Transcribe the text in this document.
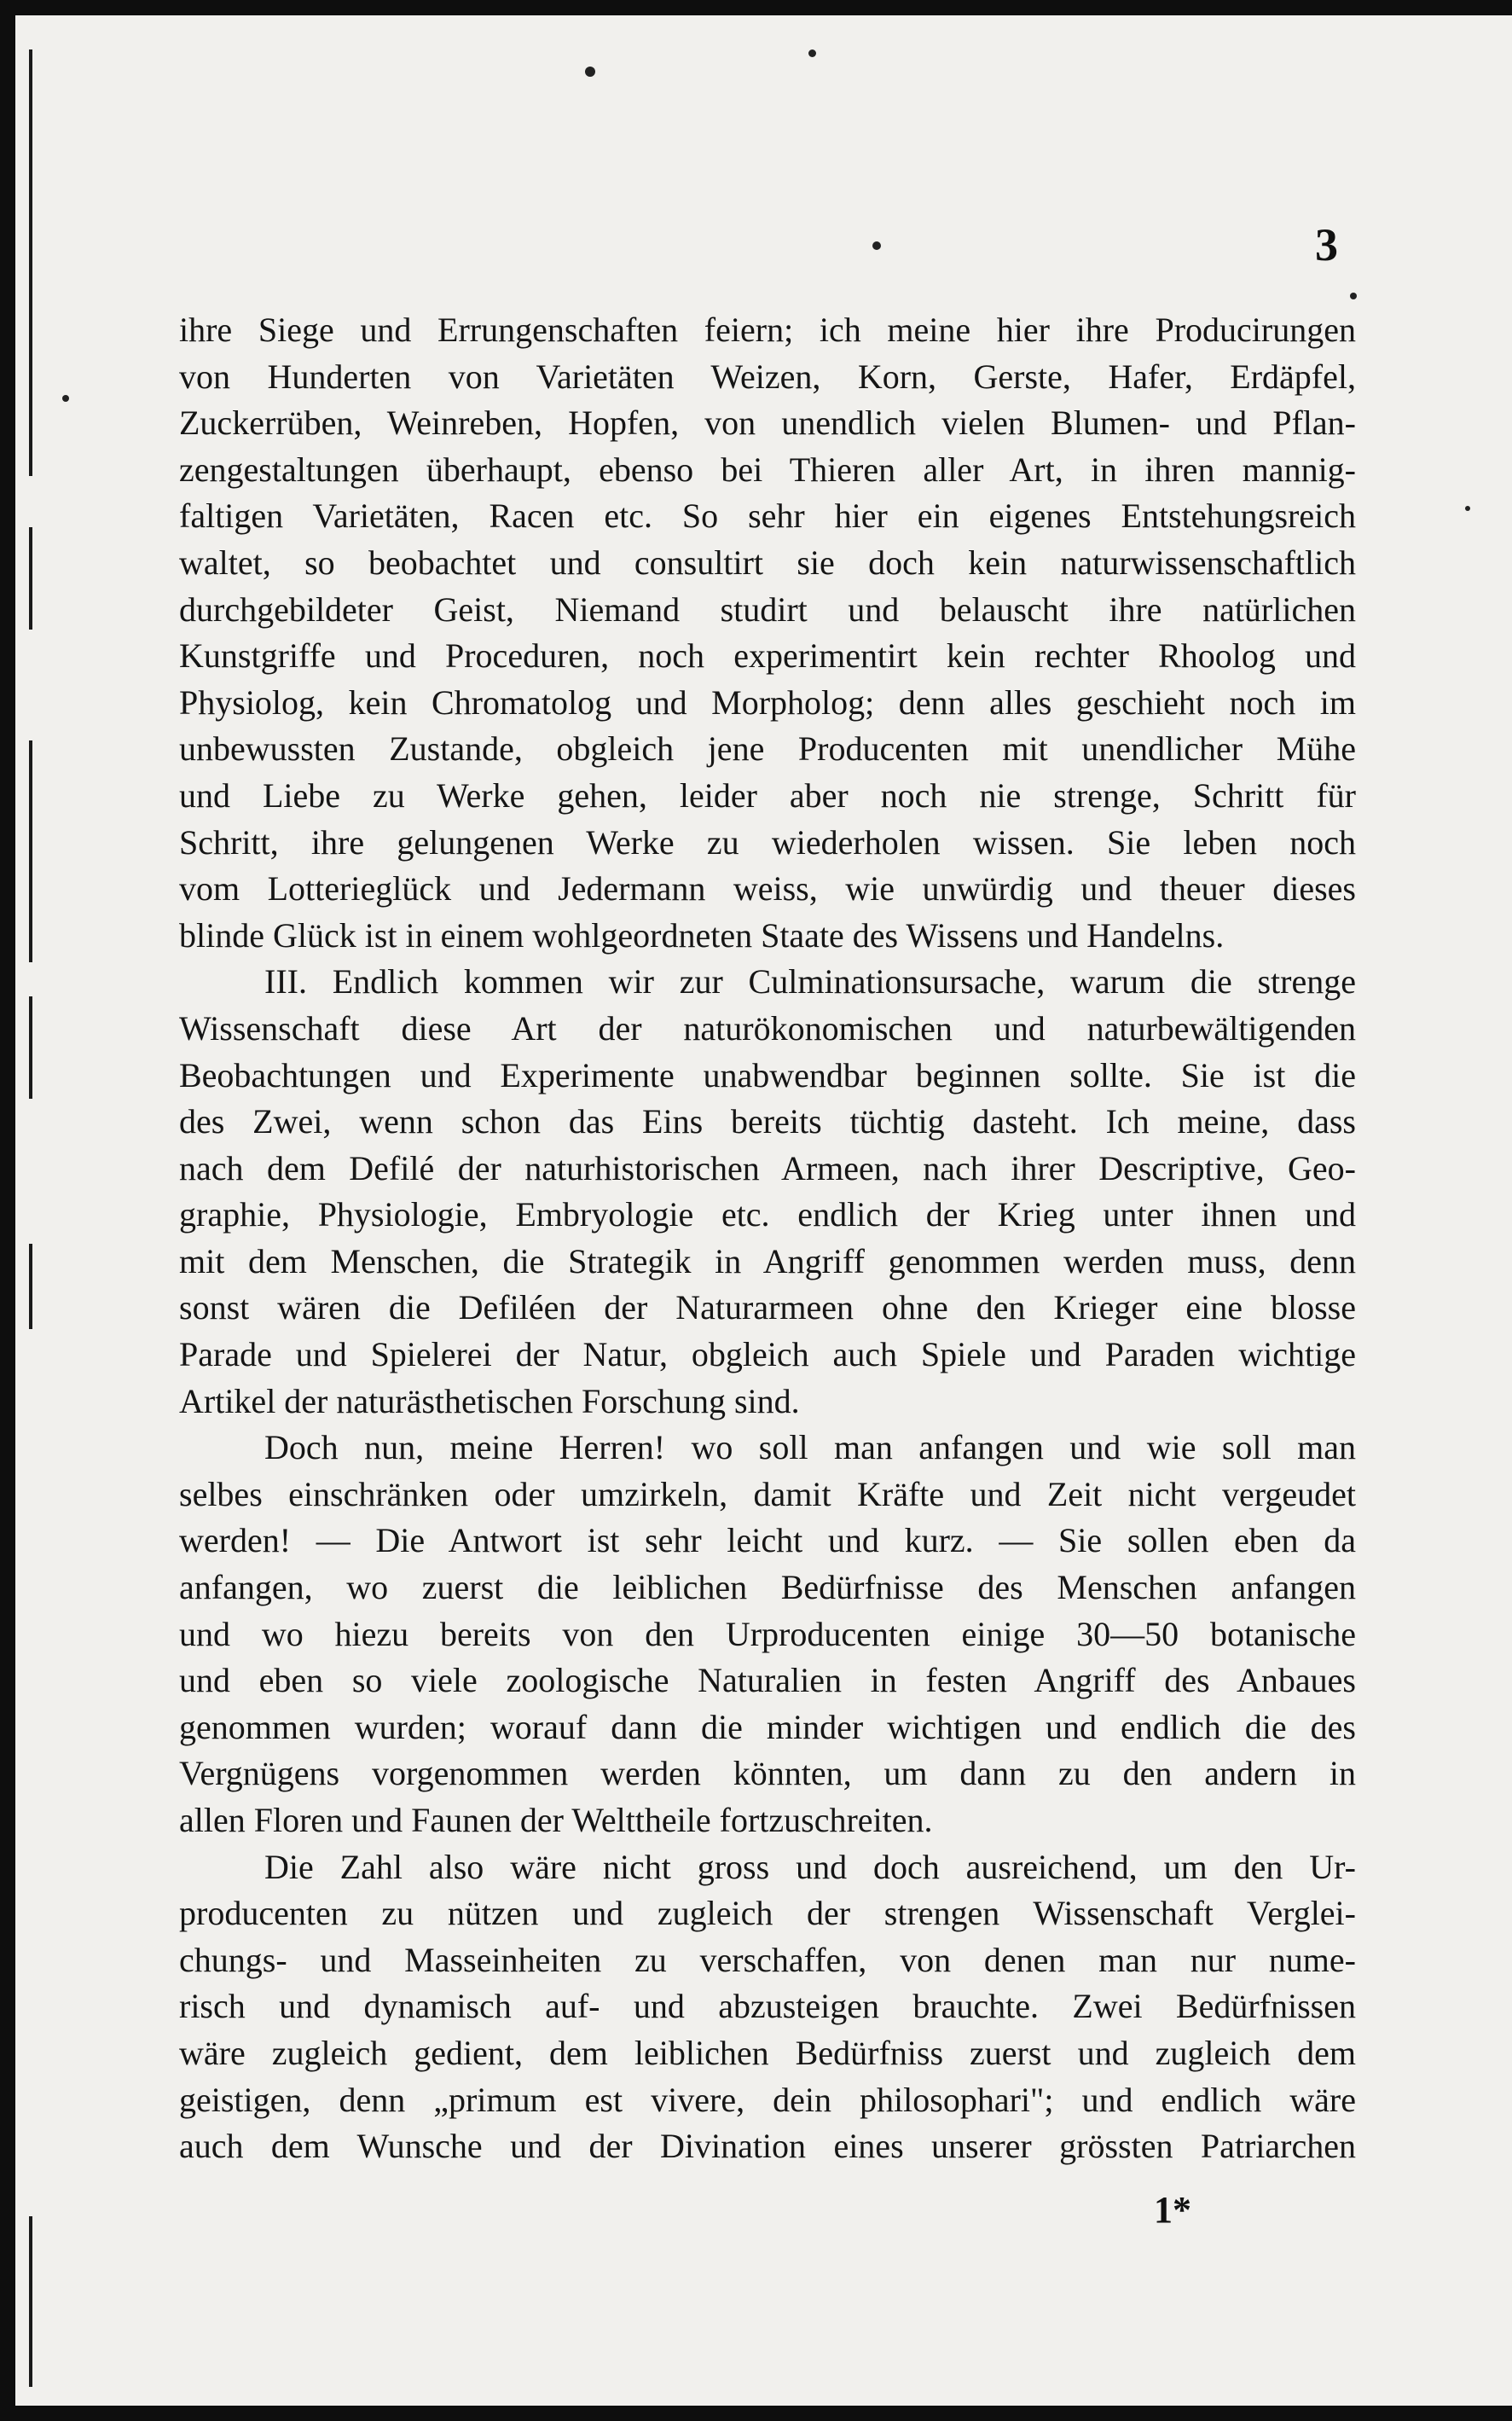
3
ihre Siege und Errungenschaften feiern; ich meine hier ihre Producirungen
von Hunderten von Varietäten Weizen, Korn, Gerste, Hafer, Erdäpfel,
Zuckerrüben, Weinreben, Hopfen, von unendlich vielen Blumen- und Pflan-
zengestaltungen überhaupt, ebenso bei Thieren aller Art, in ihren mannig-
faltigen Varietäten, Racen etc. So sehr hier ein eigenes Entstehungsreich
waltet, so beobachtet und consultirt sie doch kein naturwissenschaftlich
durchgebildeter Geist, Niemand studirt und belauscht ihre natürlichen
Kunstgriffe und Proceduren, noch experimentirt kein rechter Rhoolog und
Physiolog, kein Chromatolog und Morpholog; denn alles geschieht noch im
unbewussten Zustande, obgleich jene Producenten mit unendlicher Mühe
und Liebe zu Werke gehen, leider aber noch nie strenge, Schritt für
Schritt, ihre gelungenen Werke zu wiederholen wissen. Sie leben noch
vom Lotterieglück und Jedermann weiss, wie unwürdig und theuer dieses
blinde Glück ist in einem wohlgeordneten Staate des Wissens und Handelns.
III. Endlich kommen wir zur Culminationsursache, warum die strenge
Wissenschaft diese Art der naturökonomischen und naturbewältigenden
Beobachtungen und Experimente unabwendbar beginnen sollte. Sie ist die
des Zwei, wenn schon das Eins bereits tüchtig dasteht. Ich meine, dass
nach dem Defilé der naturhistorischen Armeen, nach ihrer Descriptive, Geo-
graphie, Physiologie, Embryologie etc. endlich der Krieg unter ihnen und
mit dem Menschen, die Strategik in Angriff genommen werden muss, denn
sonst wären die Defiléen der Naturarmeen ohne den Krieger eine blosse
Parade und Spielerei der Natur, obgleich auch Spiele und Paraden wichtige
Artikel der naturästhetischen Forschung sind.
Doch nun, meine Herren! wo soll man anfangen und wie soll man
selbes einschränken oder umzirkeln, damit Kräfte und Zeit nicht vergeudet
werden! — Die Antwort ist sehr leicht und kurz. — Sie sollen eben da
anfangen, wo zuerst die leiblichen Bedürfnisse des Menschen anfangen
und wo hiezu bereits von den Urproducenten einige 30—50 botanische
und eben so viele zoologische Naturalien in festen Angriff des Anbaues
genommen wurden; worauf dann die minder wichtigen und endlich die des
Vergnügens vorgenommen werden könnten, um dann zu den andern in
allen Floren und Faunen der Welttheile fortzuschreiten.
Die Zahl also wäre nicht gross und doch ausreichend, um den Ur-
producenten zu nützen und zugleich der strengen Wissenschaft Verglei-
chungs- und Masseinheiten zu verschaffen, von denen man nur nume-
risch und dynamisch auf- und abzusteigen brauchte. Zwei Bedürfnissen
wäre zugleich gedient, dem leiblichen Bedürfniss zuerst und zugleich dem
geistigen, denn „primum est vivere, dein philosophari"; und endlich wäre
auch dem Wunsche und der Divination eines unserer grössten Patriarchen
1*
